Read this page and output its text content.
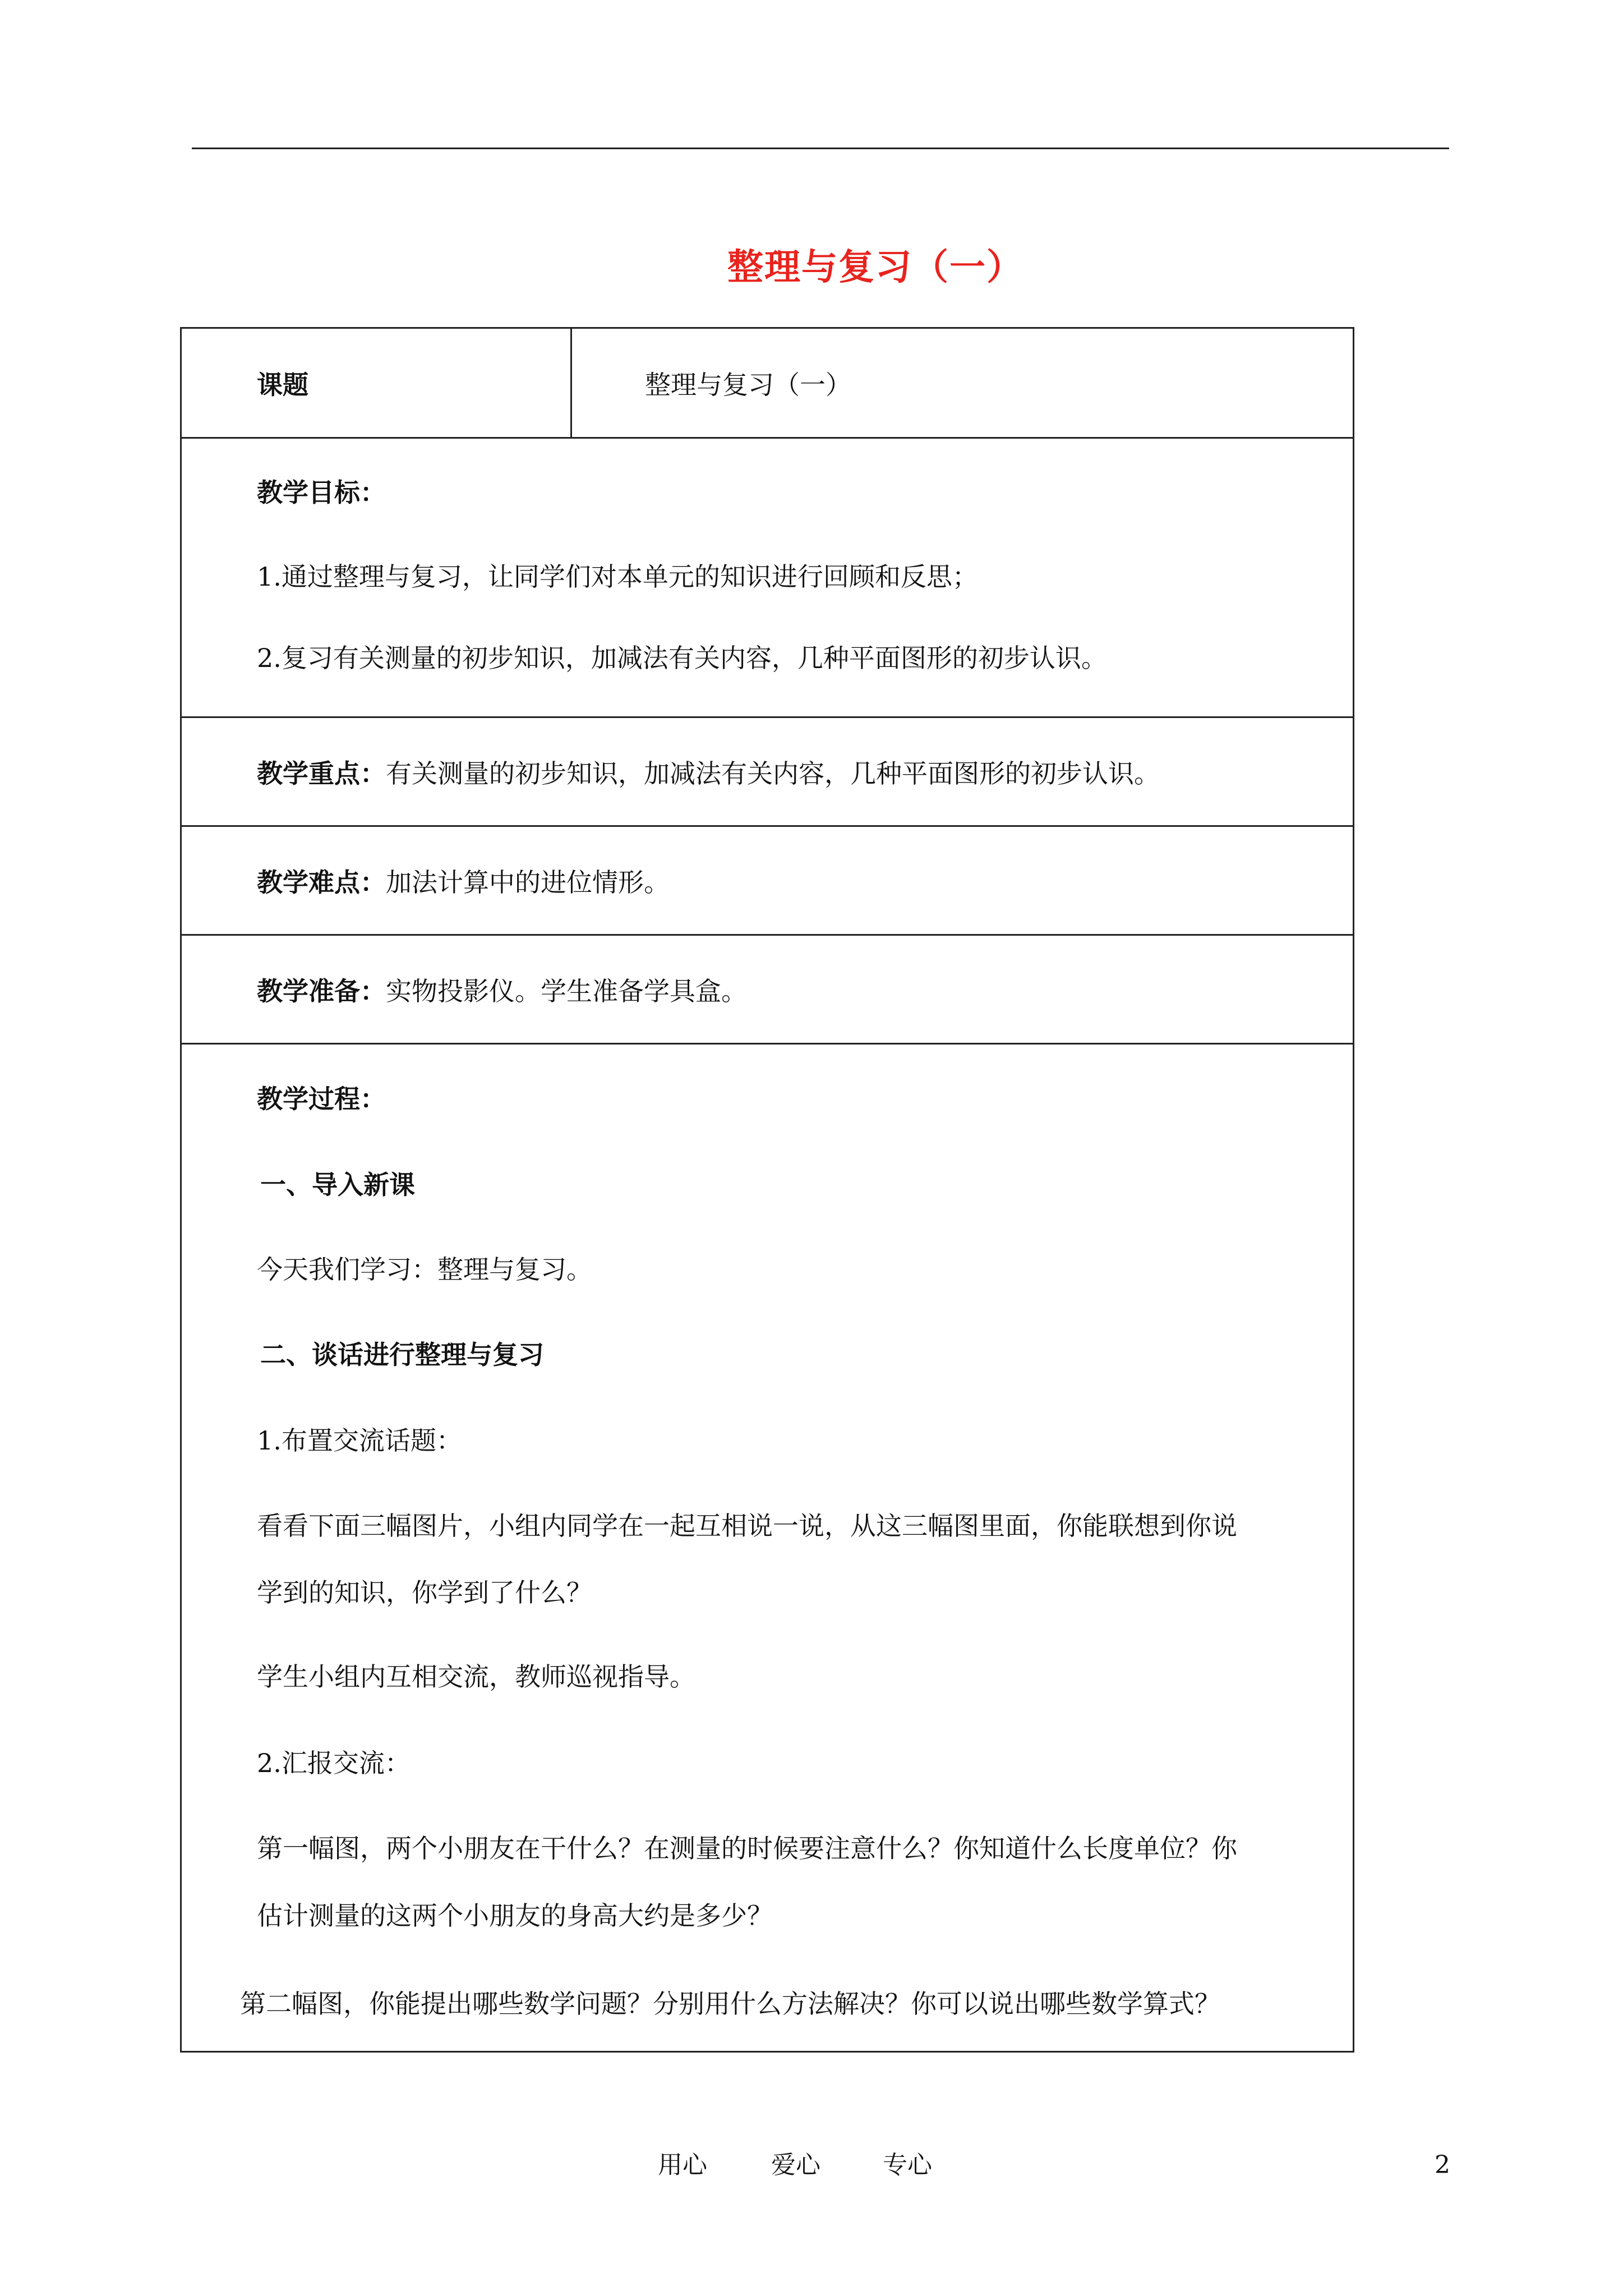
整理与复习（一）
课题	整理与复习（一）
教学目标：
1.通过整理与复习，让同学们对本单元的知识进行回顾和反思；
2.复习有关测量的初步知识，加减法有关内容，几种平面图形的初步认识。
教学重点： 有关测量的初步知识，加减法有关内容，几种平面图形的初步认识。
教学难点： 加法计算中的进位情形。
教学准备： 实物投影仪。学生准备学具盒。
教学过程：
一、导入新课
今天我们学习：整理与复习。
二、谈话进行整理与复习
1.布置交流话题：
看看下面三幅图片，小组内同学在一起互相说一说，从这三幅图里面，你能联想到你说
学到的知识，你学到了什么？
学生小组内互相交流，教师巡视指导。
2.汇报交流：
第一幅图，两个小朋友在干什么？在测量的时候要注意什么？你知道什么长度单位？你
估计测量的这两个小朋友的身高大约是多少？
第二幅图，你能提出哪些数学问题？分别用什么方法解决？你可以说出哪些数学算式？
用心	爱心	专心	2
